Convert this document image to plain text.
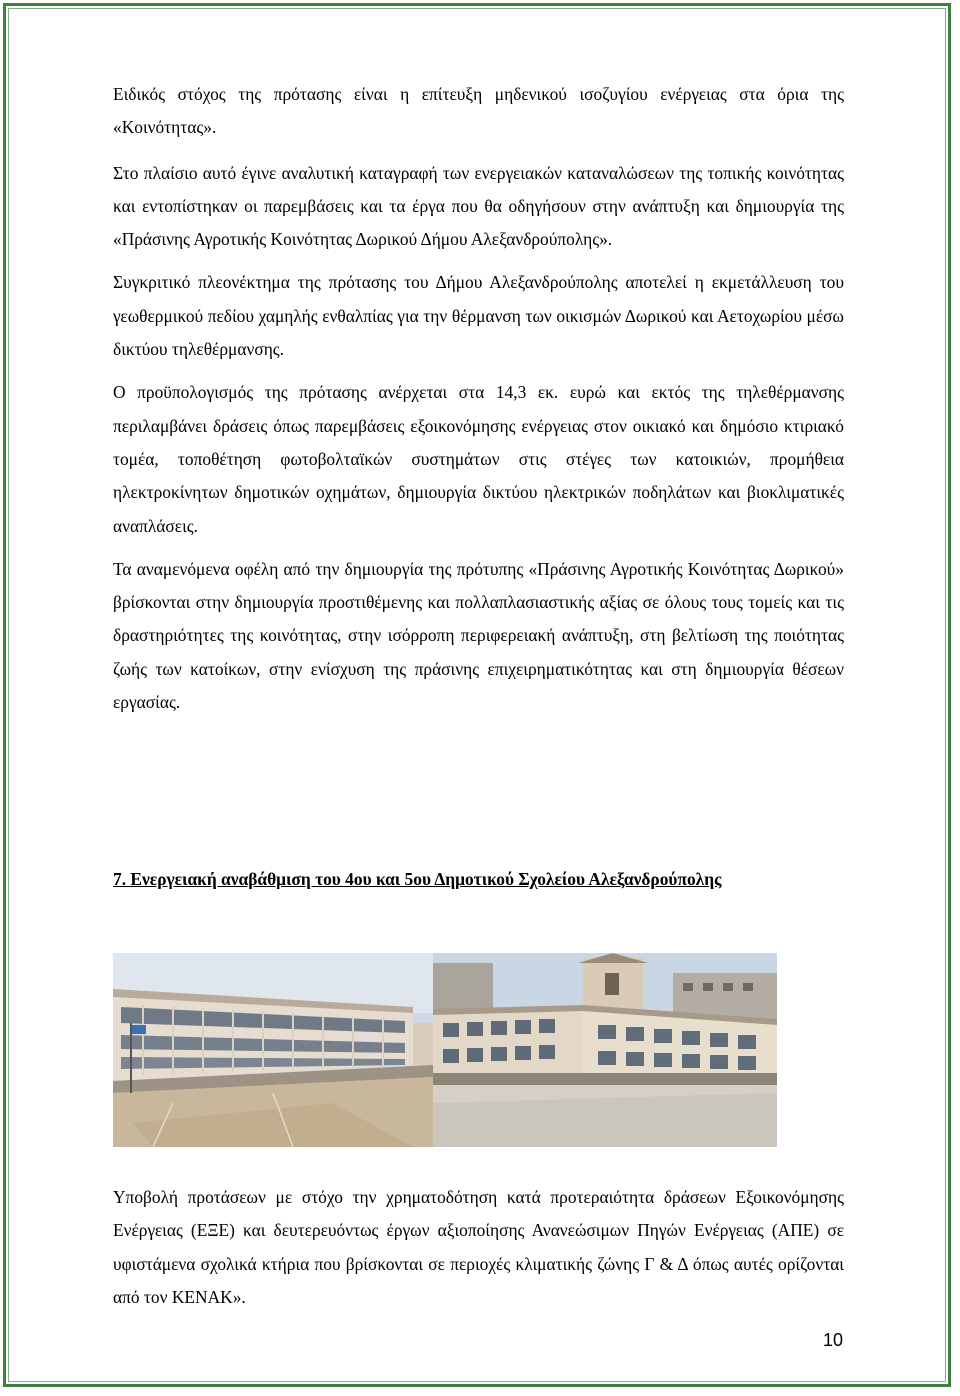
Ειδικός στόχος της πρότασης είναι η επίτευξη μηδενικού ισοζυγίου ενέργειας στα όρια της «Κοινότητας».

Στο πλαίσιο αυτό έγινε αναλυτική καταγραφή των ενεργειακών καταναλώσεων της τοπικής κοινότητας και εντοπίστηκαν οι παρεμβάσεις και τα έργα που θα οδηγήσουν στην ανάπτυξη και δημιουργία της «Πράσινης Αγροτικής Κοινότητας Δωρικού Δήμου Αλεξανδρούπολης».

Συγκριτικό πλεονέκτημα της πρότασης του Δήμου Αλεξανδρούπολης αποτελεί η εκμετάλλευση του γεωθερμικού πεδίου χαμηλής ενθαλπίας για την θέρμανση των οικισμών Δωρικού και Αετοχωρίου μέσω δικτύου τηλεθέρμανσης.

Ο προϋπολογισμός της πρότασης ανέρχεται στα 14,3 εκ. ευρώ και εκτός της τηλεθέρμανσης περιλαμβάνει δράσεις όπως παρεμβάσεις εξοικονόμησης ενέργειας στον οικιακό και δημόσιο κτιριακό τομέα, τοποθέτηση φωτοβολταϊκών συστημάτων στις στέγες των κατοικιών, προμήθεια ηλεκτροκίνητων δημοτικών οχημάτων, δημιουργία δικτύου ηλεκτρικών ποδηλάτων και βιοκλιματικές αναπλάσεις.

Τα αναμενόμενα οφέλη από την δημιουργία της πρότυπης «Πράσινης Αγροτικής Κοινότητας Δωρικού» βρίσκονται στην δημιουργία προστιθέμενης και πολλαπλασιαστικής αξίας σε όλους τους τομείς και τις δραστηριότητες της κοινότητας, στην ισόρροπη περιφερειακή ανάπτυξη, στη βελτίωση της ποιότητας ζωής των κατοίκων, στην ενίσχυση της πράσινης επιχειρηματικότητας και στη δημιουργία θέσεων εργασίας.

7. Ενεργειακή αναβάθμιση του 4ου και 5ου Δημοτικού Σχολείου Αλεξανδρούπολης

Υποβολή προτάσεων με στόχο την χρηματοδότηση κατά προτεραιότητα δράσεων Εξοικονόμησης Ενέργειας (ΕΞΕ) και δευτερευόντως έργων αξιοποίησης Ανανεώσιμων Πηγών Ενέργειας (ΑΠΕ) σε υφιστάμενα σχολικά κτήρια που βρίσκονται σε περιοχές κλιματικής ζώνης Γ & Δ όπως αυτές ορίζονται από τον ΚΕΝΑΚ».

10
